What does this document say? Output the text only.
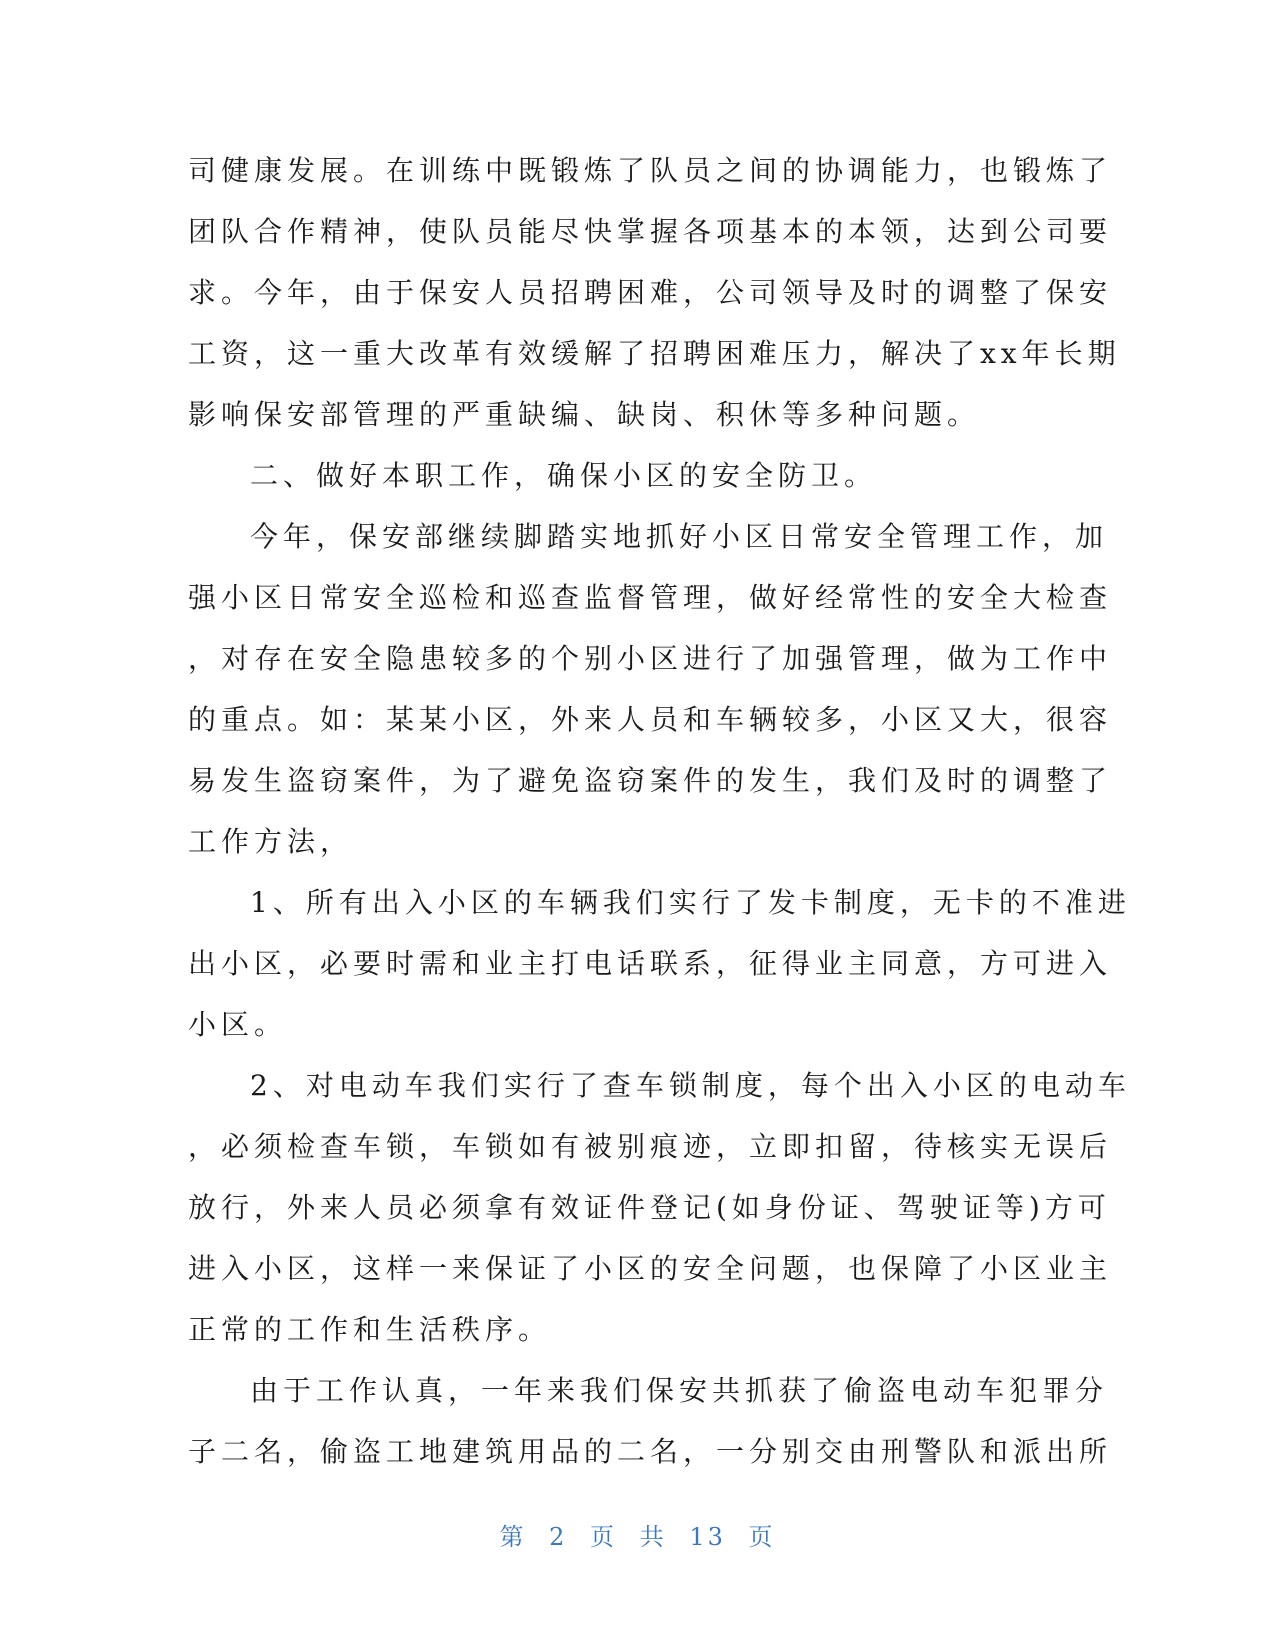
司健康发展。在训练中既锻炼了队员之间的协调能力，也锻炼了
团队合作精神，使队员能尽快掌握各项基本的本领，达到公司要
求。今年，由于保安人员招聘困难，公司领导及时的调整了保安
工资，这一重大改革有效缓解了招聘困难压力，解决了xx年长期
影响保安部管理的严重缺编、缺岗、积休等多种问题。
二、做好本职工作，确保小区的安全防卫。
今年，保安部继续脚踏实地抓好小区日常安全管理工作，加
强小区日常安全巡检和巡查监督管理，做好经常性的安全大检查
，对存在安全隐患较多的个别小区进行了加强管理，做为工作中
的重点。如：某某小区，外来人员和车辆较多，小区又大，很容
易发生盗窃案件，为了避免盗窃案件的发生，我们及时的调整了
工作方法，
1、所有出入小区的车辆我们实行了发卡制度，无卡的不准进
出小区，必要时需和业主打电话联系，征得业主同意，方可进入
小区。
2、对电动车我们实行了查车锁制度，每个出入小区的电动车
，必须检查车锁，车锁如有被别痕迹，立即扣留，待核实无误后
放行，外来人员必须拿有效证件登记(如身份证、驾驶证等)方可
进入小区，这样一来保证了小区的安全问题，也保障了小区业主
正常的工作和生活秩序。
由于工作认真，一年来我们保安共抓获了偷盗电动车犯罪分
子二名，偷盗工地建筑用品的二名，一分别交由刑警队和派出所
第 2 页 共 13 页
